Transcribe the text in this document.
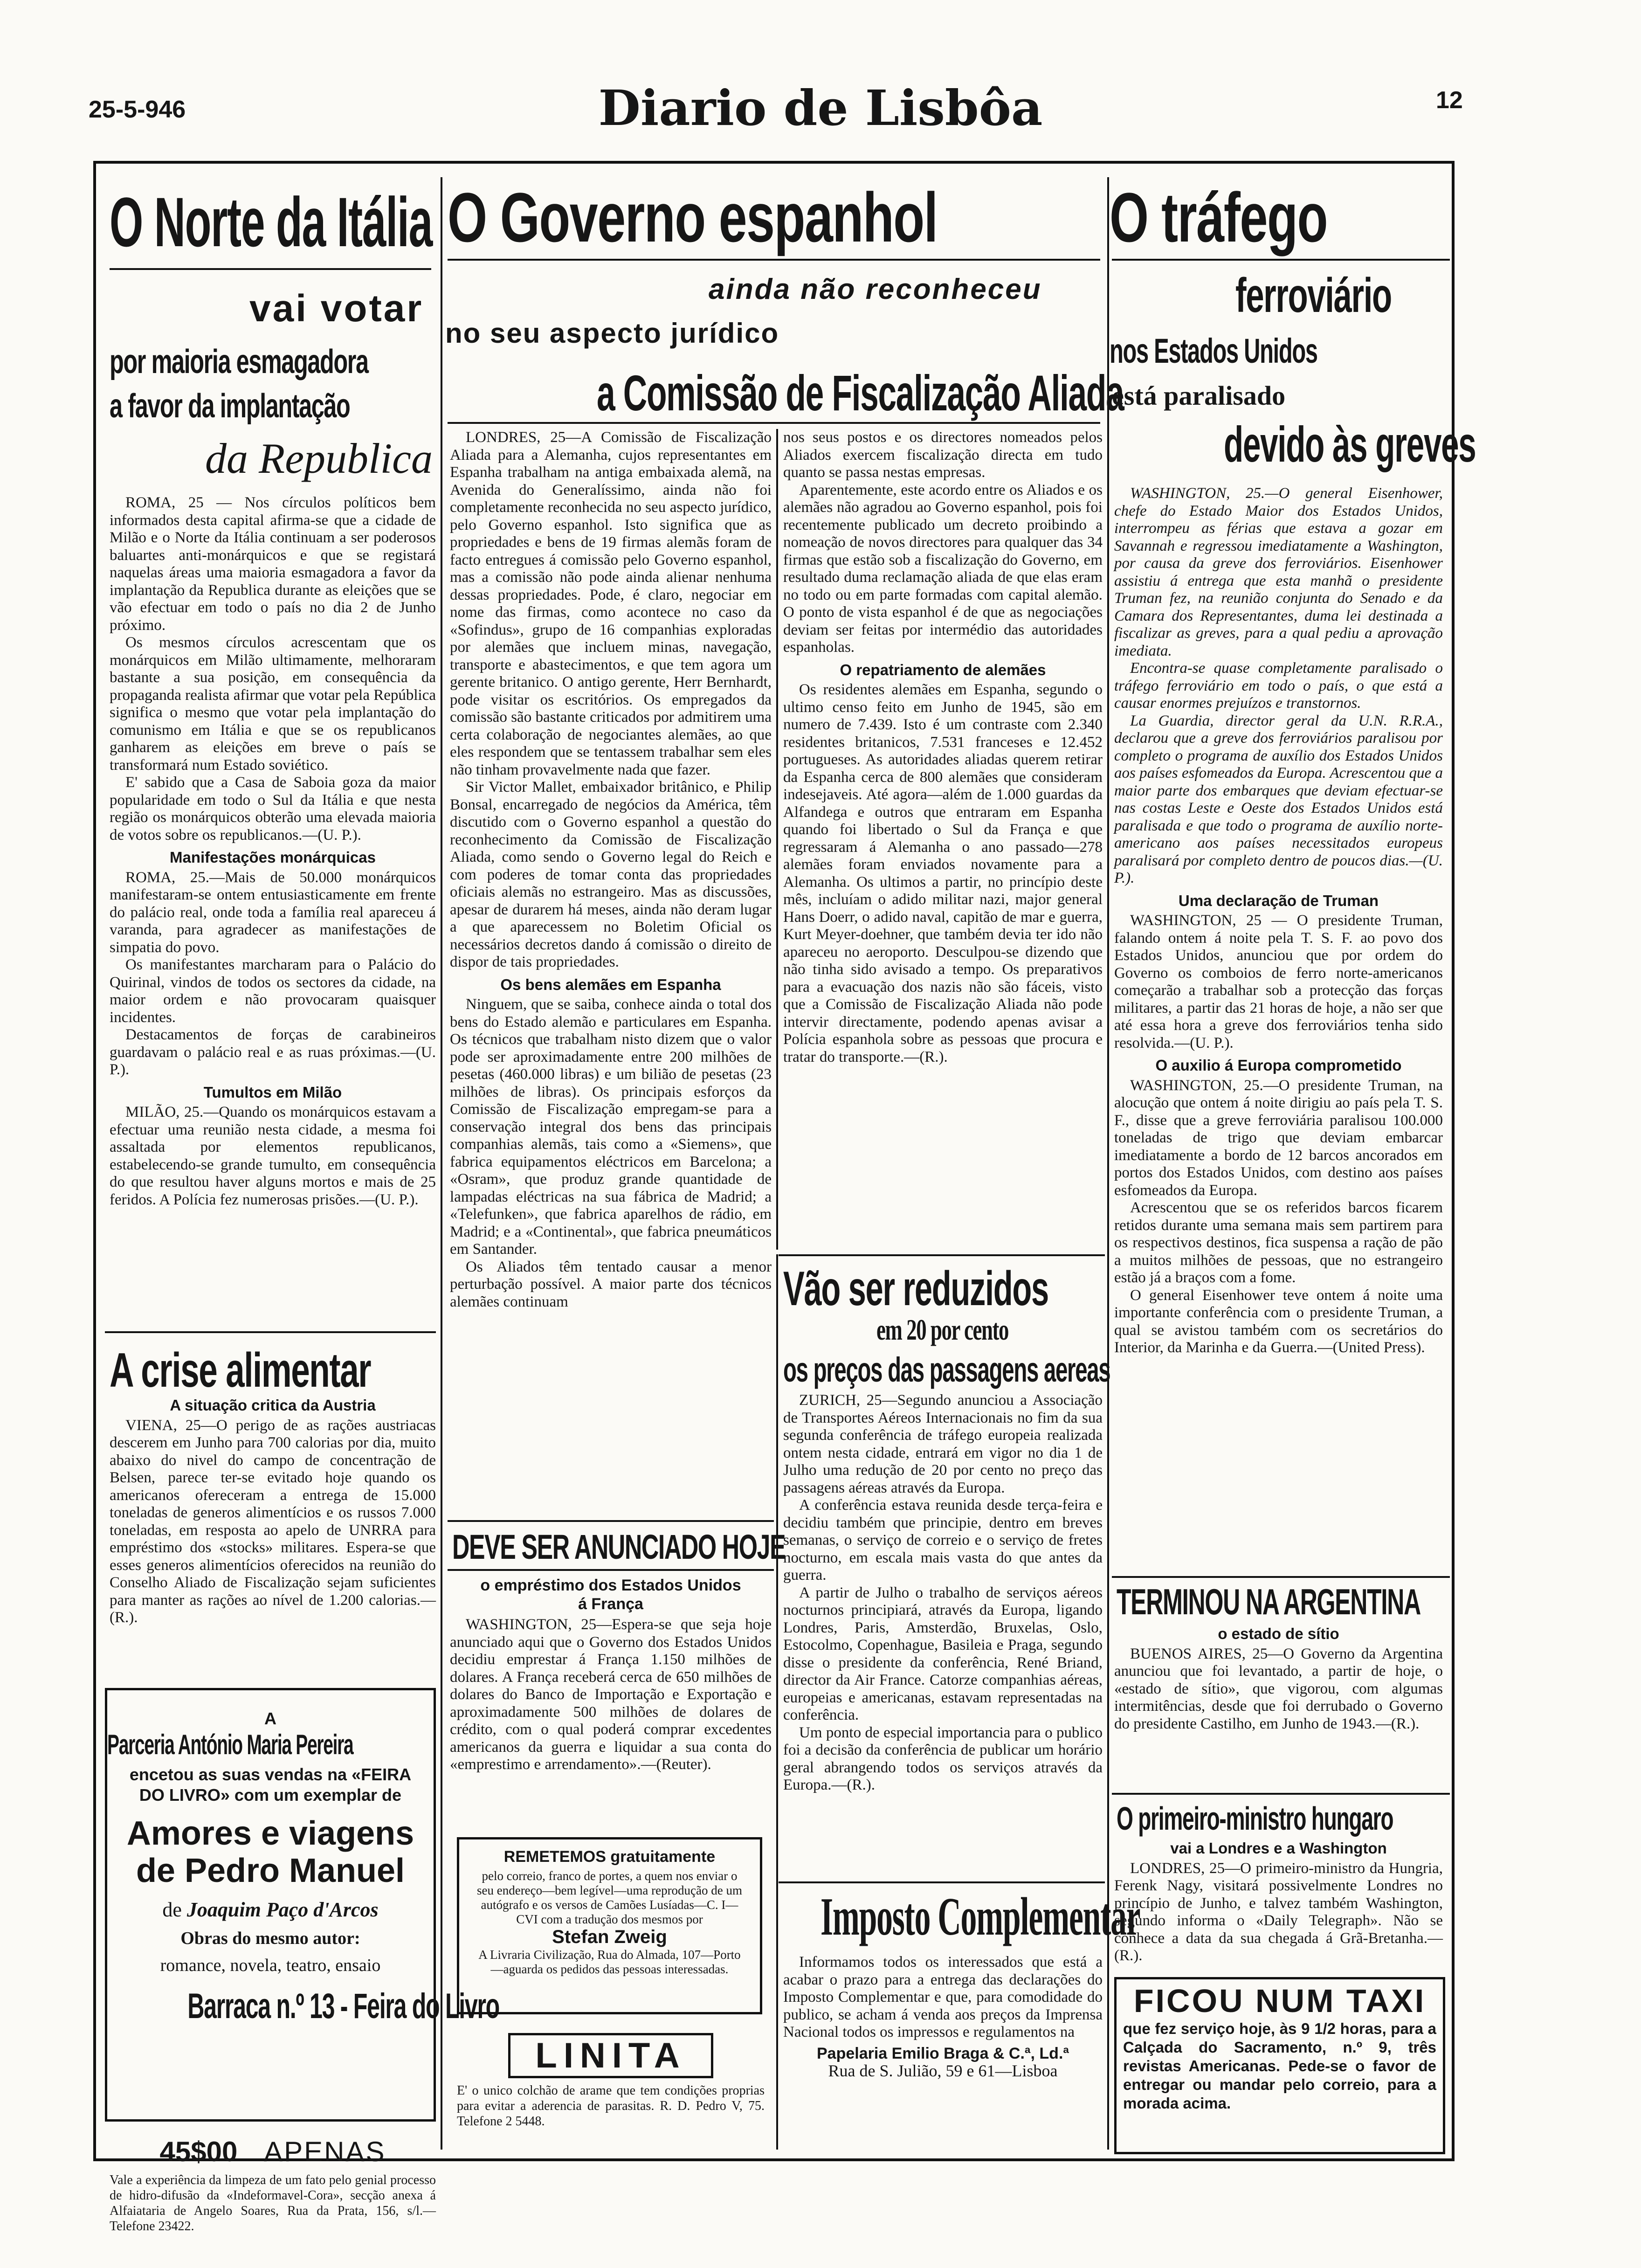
25-5-946	Diario de Lisbôa	12
O Norte da Itália
vai votar
por maioria esmagadora
a favor da implantação
da Republica

ROMA, 25 — Nos círculos políticos bem informados desta capital afirma-se que a cidade de Milão e o Norte da Itália continuam a ser poderosos baluartes anti-monárquicos e que se registará naquelas áreas uma maioria esmagadora a favor da implantação da Republica durante as eleições que se vão efectuar em todo o país no dia 2 de Junho próximo.

Os mesmos círculos acrescentam que os monárquicos em Milão ultimamente, melhoraram bastante a sua posição, em consequência da propaganda realista afirmar que votar pela República significa o mesmo que votar pela implantação do comunismo em Itália e que se os republicanos ganharem as eleições em breve o país se transformará num Estado soviético.

E' sabido que a Casa de Saboia goza da maior popularidade em todo o Sul da Itália e que nesta região os monárquicos obterão uma elevada maioria de votos sobre os republicanos.—(U. P.).

Manifestações monárquicas

ROMA, 25.—Mais de 50.000 monárquicos manifestaram-se ontem entusiasticamente em frente do palácio real, onde toda a família real apareceu á varanda, para agradecer as manifestações de simpatia do povo.

Os manifestantes marcharam para o Palácio do Quirinal, vindos de todos os sectores da cidade, na maior ordem e não provocaram quaisquer incidentes.

Destacamentos de forças de carabineiros guardavam o palácio real e as ruas próximas.—(U. P.).

Tumultos em Milão

MILÃO, 25.—Quando os monárquicos estavam a efectuar uma reunião nesta cidade, a mesma foi assaltada por elementos republicanos, estabelecendo-se grande tumulto, em consequência do que resultou haver alguns mortos e mais de 25 feridos. A Polícia fez numerosas prisões.—(U. P.).

A crise alimentar
A situação critica da Austria

VIENA, 25—O perigo de as rações austriacas descerem em Junho para 700 calorias por dia, muito abaixo do nivel do campo de concentração de Belsen, parece ter-se evitado hoje quando os americanos ofereceram a entrega de 15.000 toneladas de generos alimentícios e os russos 7.000 toneladas, em resposta ao apelo de UNRRA para empréstimo dos «stocks» militares. Espera-se que esses generos alimentícios oferecidos na reunião do Conselho Aliado de Fiscalização sejam suficientes para manter as rações ao nível de 1.200 calorias.—(R.).

A Parceria António Maria Pereira
encetou as suas vendas na «FEIRA DO LIVRO» com um exemplar de
Amores e viagens
de Pedro Manuel
de Joaquim Paço d'Arcos
Obras do mesmo autor:
romance, novela, teatro, ensaio
Barraca n.º 13 - Feira do Livro
45$00 APENAS
Vale a experiência da limpeza de um fato pelo genial processo de hidro-difusão da «Indeformavel-Cora», secção anexa á Alfaiataria de Angelo Soares, Rua da Prata, 156, s/l.—Telefone 23422.
O Governo espanhol
ainda não reconheceu
no seu aspecto jurídico
a Comissão de Fiscalização Aliada

LONDRES, 25—A Comissão de Fiscalização Aliada para a Alemanha, cujos representantes em Espanha trabalham na antiga embaixada alemã, na Avenida do Generalíssimo, ainda não foi completamente reconhecida no seu aspecto jurídico, pelo Governo espanhol. Isto significa que as propriedades e bens de 19 firmas alemãs foram de facto entregues á comissão pelo Governo espanhol, mas a comissão não pode ainda alienar nenhuma dessas propriedades. Pode, é claro, negociar em nome das firmas, como acontece no caso da «Sofindus», grupo de 16 companhias exploradas por alemães que incluem minas, navegação, transporte e abastecimentos, e que tem agora um gerente britanico. O antigo gerente, Herr Bernhardt, pode visitar os escritórios. Os empregados da comissão são bastante criticados por admitirem uma certa colaboração de negociantes alemães, ao que eles respondem que se tentassem trabalhar sem eles não tinham provavelmente nada que fazer.

Sir Victor Mallet, embaixador britânico, e Philip Bonsal, encarregado de negócios da América, têm discutido com o Governo espanhol a questão do reconhecimento da Comissão de Fiscalização Aliada, como sendo o Governo legal do Reich e com poderes de tomar conta das propriedades oficiais alemãs no estrangeiro. Mas as discussões, apesar de durarem há meses, ainda não deram lugar a que aparecessem no Boletim Oficial os necessários decretos dando á comissão o direito de dispor de tais propriedades.

Os bens alemães em Espanha

Ninguem, que se saiba, conhece ainda o total dos bens do Estado alemão e particulares em Espanha. Os técnicos que trabalham nisto dizem que o valor pode ser aproximadamente entre 200 milhões de pesetas (460.000 libras) e um bilião de pesetas (23 milhões de libras). Os principais esforços da Comissão de Fiscalização empregam-se para a conservação integral dos bens das principais companhias alemãs, tais como a «Siemens», que fabrica equipamentos eléctricos em Barcelona; a «Osram», que produz grande quantidade de lampadas eléctricas na sua fábrica de Madrid; a «Telefunken», que fabrica aparelhos de rádio, em Madrid; e a «Continental», que fabrica pneumáticos em Santander.

Os Aliados têm tentado causar a menor perturbação possível. A maior parte dos técnicos alemães continuam

nos seus postos e os directores nomeados pelos Aliados exercem fiscalização directa em tudo quanto se passa nestas empresas.

Aparentemente, este acordo entre os Aliados e os alemães não agradou ao Governo espanhol, pois foi recentemente publicado um decreto proibindo a nomeação de novos directores para qualquer das 34 firmas que estão sob a fiscalização do Governo, em resultado duma reclamação aliada de que elas eram no todo ou em parte formadas com capital alemão. O ponto de vista espanhol é de que as negociações deviam ser feitas por intermédio das autoridades espanholas.

O repatriamento de alemães

Os residentes alemães em Espanha, segundo o ultimo censo feito em Junho de 1945, são em numero de 7.439. Isto é um contraste com 2.340 residentes britanicos, 7.531 franceses e 12.452 portugueses. As autoridades aliadas querem retirar da Espanha cerca de 800 alemães que consideram indesejaveis. Até agora—além de 1.000 guardas da Alfandega e outros que entraram em Espanha quando foi libertado o Sul da França e que regressaram á Alemanha o ano passado—278 alemães foram enviados novamente para a Alemanha. Os ultimos a partir, no princípio deste mês, incluíam o adido militar nazi, major general Hans Doerr, o adido naval, capitão de mar e guerra, Kurt Meyer-doehner, que também devia ter ido não apareceu no aeroporto. Desculpou-se dizendo que não tinha sido avisado a tempo. Os preparativos para a evacuação dos nazis não são fáceis, visto que a Comissão de Fiscalização Aliada não pode intervir directamente, podendo apenas avisar a Polícia espanhola sobre as pessoas que procura e tratar do transporte.—(R.).

DEVE SER ANUNCIADO HOJE
o empréstimo dos Estados Unidos á França

WASHINGTON, 25—Espera-se que seja hoje anunciado aqui que o Governo dos Estados Unidos decidiu emprestar á França 1.150 milhões de dolares. A França receberá cerca de 650 milhões de dolares do Banco de Importação e Exportação e aproximadamente 500 milhões de dolares de crédito, com o qual poderá comprar excedentes americanos da guerra e liquidar a sua conta do «emprestimo e arrendamento».—(Reuter).

REMETEMOS gratuitamente
pelo correio, franco de portes, a quem nos enviar o seu endereço—bem legível—uma reprodução de um autógrafo e os versos de Camões Lusíadas—C. I—CVI com a tradução dos mesmos por
Stefan Zweig
A Livraria Civilização, Rua do Almada, 107—Porto—aguarda os pedidos das pessoas interessadas.
LINITA
E' o unico colchão de arame que tem condições proprias para evitar a aderencia de parasitas. R. D. Pedro V, 75. Telefone 2 5448.
Vão ser reduzidos
em 20 por cento
os preços das passagens aereas

ZURICH, 25—Segundo anunciou a Associação de Transportes Aéreos Internacionais no fim da sua segunda conferência de tráfego europeia realizada ontem nesta cidade, entrará em vigor no dia 1 de Julho uma redução de 20 por cento no preço das passagens aéreas através da Europa.

A conferência estava reunida desde terça-feira e decidiu também que principie, dentro em breves semanas, o serviço de correio e o serviço de fretes nocturno, em escala mais vasta do que antes da guerra.

A partir de Julho o trabalho de serviços aéreos nocturnos principiará, através da Europa, ligando Londres, Paris, Amsterdão, Bruxelas, Oslo, Estocolmo, Copenhague, Basileia e Praga, segundo disse o presidente da conferência, René Briand, director da Air France. Catorze companhias aéreas, europeias e americanas, estavam representadas na conferência.

Um ponto de especial importancia para o publico foi a decisão da conferência de publicar um horário geral abrangendo todos os serviços através da Europa.—(R.).

Imposto Complementar

Informamos todos os interessados que está a acabar o prazo para a entrega das declarações do Imposto Complementar e que, para comodidade do publico, se acham á venda aos preços da Imprensa Nacional todos os impressos e regulamentos na

Papelaria Emilio Braga & C.ª, Ld.ª
Rua de S. Julião, 59 e 61—Lisboa
O tráfego
ferroviário
nos Estados Unidos
está paralisado
devido às greves

WASHINGTON, 25.—O general Eisenhower, chefe do Estado Maior dos Estados Unidos, interrompeu as férias que estava a gozar em Savannah e regressou imediatamente a Washington, por causa da greve dos ferroviários. Eisenhower assistiu á entrega que esta manhã o presidente Truman fez, na reunião conjunta do Senado e da Camara dos Representantes, duma lei destinada a fiscalizar as greves, para a qual pediu a aprovação imediata.

Encontra-se quase completamente paralisado o tráfego ferroviário em todo o país, o que está a causar enormes prejuízos e transtornos.

La Guardia, director geral da U.N. R.R.A., declarou que a greve dos ferroviários paralisou por completo o programa de auxílio dos Estados Unidos aos países esfomeados da Europa. Acrescentou que a maior parte dos embarques que deviam efectuar-se nas costas Leste e Oeste dos Estados Unidos está paralisada e que todo o programa de auxílio norte-americano aos países necessitados europeus paralisará por completo dentro de poucos dias.—(U. P.).

Uma declaração de Truman

WASHINGTON, 25 — O presidente Truman, falando ontem á noite pela T. S. F. ao povo dos Estados Unidos, anunciou que por ordem do Governo os comboios de ferro norte-americanos começarão a trabalhar sob a protecção das forças militares, a partir das 21 horas de hoje, a não ser que até essa hora a greve dos ferroviários tenha sido resolvida.—(U. P.).

O auxilio á Europa comprometido

WASHINGTON, 25.—O presidente Truman, na alocução que ontem á noite dirigiu ao país pela T. S. F., disse que a greve ferroviária paralisou 100.000 toneladas de trigo que deviam embarcar imediatamente a bordo de 12 barcos ancorados em portos dos Estados Unidos, com destino aos países esfomeados da Europa.

Acrescentou que se os referidos barcos ficarem retidos durante uma semana mais sem partirem para os respectivos destinos, fica suspensa a ração de pão a muitos milhões de pessoas, que no estrangeiro estão já a braços com a fome.

O general Eisenhower teve ontem á noite uma importante conferência com o presidente Truman, a qual se avistou também com os secretários do Interior, da Marinha e da Guerra.—(United Press).

TERMINOU NA ARGENTINA
o estado de sítio

BUENOS AIRES, 25—O Governo da Argentina anunciou que foi levantado, a partir de hoje, o «estado de sítio», que vigorou, com algumas intermitências, desde que foi derrubado o Governo do presidente Castilho, em Junho de 1943.—(R.).

O primeiro-ministro hungaro
vai a Londres e a Washington

LONDRES, 25—O primeiro-ministro da Hungria, Ferenk Nagy, visitará possivelmente Londres no princípio de Junho, e talvez também Washington, segundo informa o «Daily Telegraph». Não se conhece a data da sua chegada á Grã-Bretanha.—(R.).

FICOU NUM TAXI
que fez serviço hoje, às 9 1/2 horas, para a Calçada do Sacramento, n.º 9, três revistas Americanas. Pede-se o favor de entregar ou mandar pelo correio, para a morada acima.
